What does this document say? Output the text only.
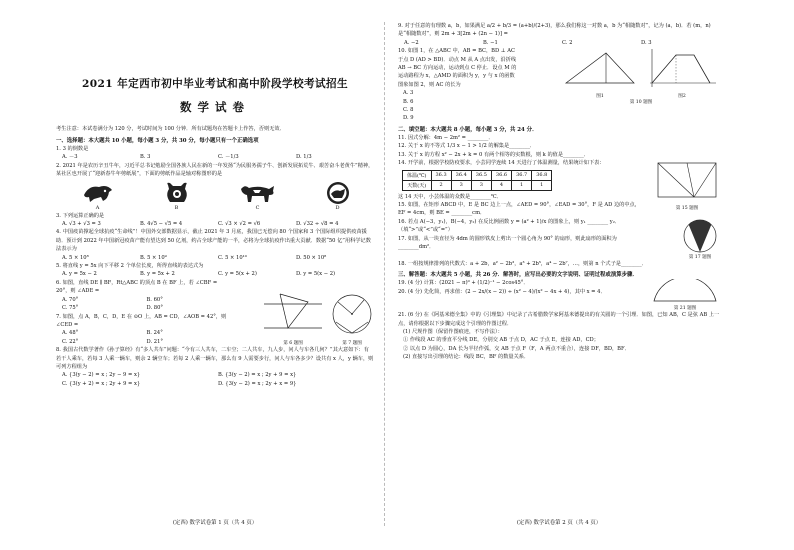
2021 年定西市初中毕业考试和高中阶段学校考试招生
数学试卷
考生注意：本试卷满分为 120 分，考试时间为 100 分钟．所有试题均在答题卡上作答，否则无效．
一、选择题：本大题共 10 小题，每小题 3 分，共 30 分，每小题只有一个正确选项

1. 3 的倒数是

A. －3	B. 3	C. －1/3	D. 1/3

2. 2021 年是农历辛丑牛年，习近平总书记勉励全国各族人民在新的一年发扬“为民服务孺子牛、创新发展拓荒牛、艰苦奋斗老黄牛”精神，某社区也开展了“迎新春牛年剪纸展”，下面的剪纸作品是轴对称图形的是

A	B	C	D

3. 下列运算正确的是

A. √3 + √3 = 3	B. 4√5 − √5 = 4	C. √3 × √2 = √6	D. √32 ÷ √8 = 4

4. 中国疫苗撑起全球抗疫“生命线”！中国外交部数据显示，截止 2021 年 3 月底，我国已无偿向 80 个国家和 3 个国际组织提供疫苗援助．预计到 2022 年中国新冠疫苗产能有望达到 50 亿剂，约占全球产能的一半，必将为全球抗疫作出重大贡献．数据“50 亿”用科学记数法表示为

A. 5 × 10⁸	B. 5 × 10⁹	C. 5 × 10¹⁰	D. 50 × 10⁸

5. 将直线 y = 5x 向下平移 2 个单位长度，所得直线的表达式为

A. y = 5x − 2	B. y = 5x + 2	C. y = 5(x + 2)	D. y = 5(x − 2)

6. 如图，直线 DE ∥ BF，Rt△ABC 的顶点 B 在 BF 上，若 ∠CBF = 20°，则 ∠ADE =

A. 70°	B. 60°
C. 75°	D. 80°

7. 如图，点 A，B，C，D，E 在 ⊙O 上，AB = CD，∠AOB = 42°，则 ∠CED =

A. 48°	B. 24°
C. 22°	D. 21°	第 6 题图	第 7 题图

8. 我国古代数学著作《孙子算经》有“多人共车”问题：“今有三人共车，二车空；二人共车，九人步，问人与车各几何？”其大意如下：有若干人乘车，若每 3 人乘一辆车，则余 2 辆空车；若每 2 人乘一辆车，那么有 9 人需要步行，问人与车各多少？设共有 x 人，y 辆车，则可列方程组为

A. {3(y − 2) = x ; 2y − 9 = x}	B. {3(y − 2) = x ; 2y + 9 = x}
C. {3(y + 2) = x ; 2y + 9 = x}	D. {3(y − 2) = x ; 2y + x = 9}
(定西) 数学试卷第 1 页（共 4 页）

9. 对于任意的有理数 a，b，如果满足 a/2 + b/3 = (a+b)/(2+3)，那么我们称这一对数 a，b 为“相随数对”，记为 (a，b)．若 (m，n) 是“相随数对”，则 2m + 3[2m + (2n − 1)] =

A. −2	B. −1	C. 2	D. 3

10. 如图 1，在 △ABC 中，AB = BC，BD ⊥ AC 于点 D (AD > BD)．动点 M 从 A 点出发，沿折线 AB → BC 方向运动，运动到点 C 停止．设点 M 的运动路程为 x，△AMD 的面积为 y，y 与 x 的函数图象如图 2，则 AC 的长为

A. 3
B. 6
C. 8
D. 9
图1	图2
第 10 题图
二、填空题：本大题共 8 小题，每小题 3 分，共 24 分．

11. 因式分解：4m − 2m² = ________．

12. 关于 x 的不等式 1/3 x − 1 > 1/2 的解集是________．

13. 关于 x 的方程 x² − 2x + k = 0 有两个相等的实数根，则 k 的值是________．

14. 开学前，根据学校防疫要求，小芸同学连续 14 天进行了体温测量，结果统计如下表：

体温(℃)	36.3	36.4	36.5	36.6	36.7	36.8
天数(天)	2	3	3	4	1	1

这 14 天中，小芸体温的众数是________℃．

15. 如图，在矩形 ABCD 中，E 是 BC 边上一点，∠AED = 90°，∠EAD = 30°，F 是 AD 边的中点，EF = 4cm，则 BE = ________cm．

第 15 题图

16. 若点 A(−3，y₁)，B(−4，y₂) 在反比例函数 y = (a² + 1)/x 的图象上，则 y₁ ________ y₂．（填“>”或“<”或“=”）

17. 如图，从一块直径为 4dm 的圆形铁皮上剪出一个圆心角为 90° 的扇形，则此扇形的面积为________dm²．

第 17 题图

18. 一组按规律排列的代数式：a + 2b，a² − 2b³，a³ + 2b⁵，a⁴ − 2b⁷，…，则第 n 个式子是________．

三、解答题：本大题共 5 小题，共 26 分．解答时，应写出必要的文字说明、证明过程或演算步骤．

19. (4 分) 计算：(2021 − π)⁰ + (1/2)⁻¹ − 2cos45°．

20. (4 分) 先化简，再求值：(2 − 2x/(x − 2)) ÷ (x² − 4)/(x² − 4x + 4)，其中 x = 4．

第 21 题图

21. (6 分) 在《阿基米德全集》中的《引理集》中记录了古希腊数学家阿基米德提出的有关圆的一个引理．如图，已知 AB，C 是弦 AB 上一点，请你根据以下步骤完成这个引理的作图过程．

(1) 尺规作图（保留作图痕迹，不写作法）：

① 作线段 AC 的垂直平分线 DE，分别交 AB 于点 D，AC 于点 E，连接 AD，CD；

② 以点 D 为圆心，DA 长为半径作弧，交 AB 于点 F（F，A 两点不重合），连接 DF，BD，BF．

(2) 直接写出引理的结论：线段 BC，BF 的数量关系．

(定西) 数学试卷第 2 页（共 4 页）
